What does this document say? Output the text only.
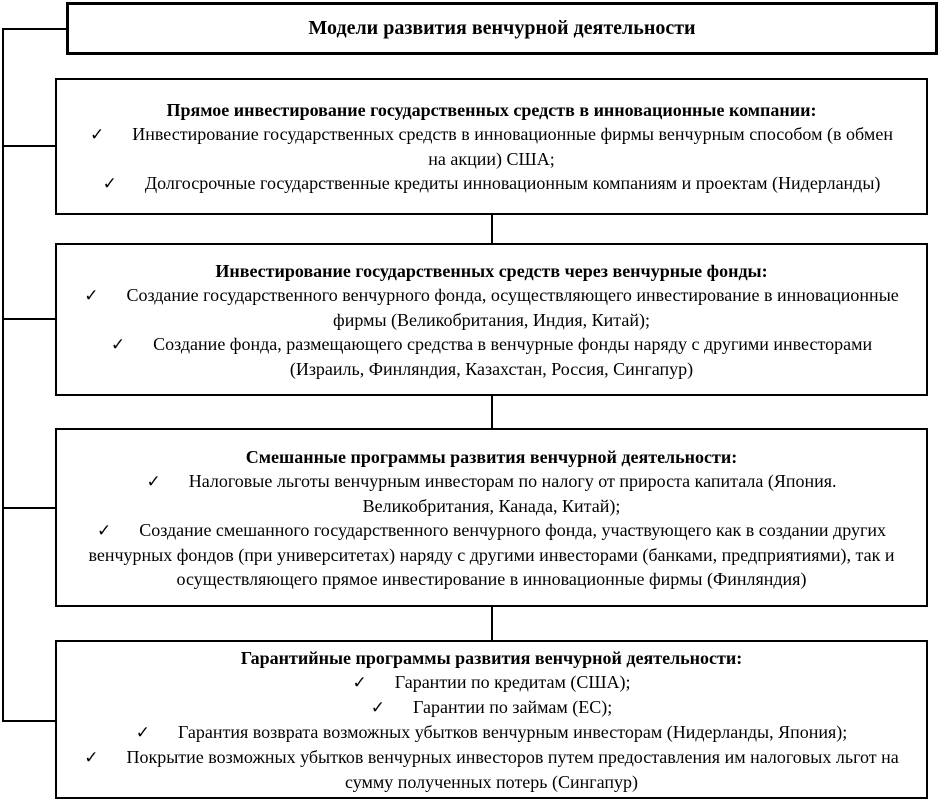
Модели развития венчурной деятельности
Прямое инвестирование государственных средств в инновационные компании:
✓ Инвестирование государственных средств в инновационные фирмы венчурным способом (в обмен на акции) США;
✓ Долгосрочные государственные кредиты инновационным компаниям и проектам (Нидерланды)
Инвестирование государственных средств через венчурные фонды:
✓ Создание государственного венчурного фонда, осуществляющего инвестирование в инновационные фирмы (Великобритания, Индия, Китай);
✓ Создание фонда, размещающего средства в венчурные фонды наряду с другими инвесторами (Израиль, Финляндия, Казахстан, Россия, Сингапур)
Смешанные программы развития венчурной деятельности:
✓ Налоговые льготы венчурным инвесторам по налогу от прироста капитала (Япония. Великобритания, Канада, Китай);
✓ Создание смешанного государственного венчурного фонда, участвующего как в создании других венчурных фондов (при университетах) наряду с другими инвесторами (банками, предприятиями), так и осуществляющего прямое инвестирование в инновационные фирмы (Финляндия)
Гарантийные программы развития венчурной деятельности:
✓ Гарантии по кредитам (США);
✓ Гарантии по займам (ЕС);
✓ Гарантия возврата возможных убытков венчурным инвесторам (Нидерланды, Япония);
✓ Покрытие возможных убытков венчурных инвесторов путем предоставления им налоговых льгот на сумму полученных потерь (Сингапур)
